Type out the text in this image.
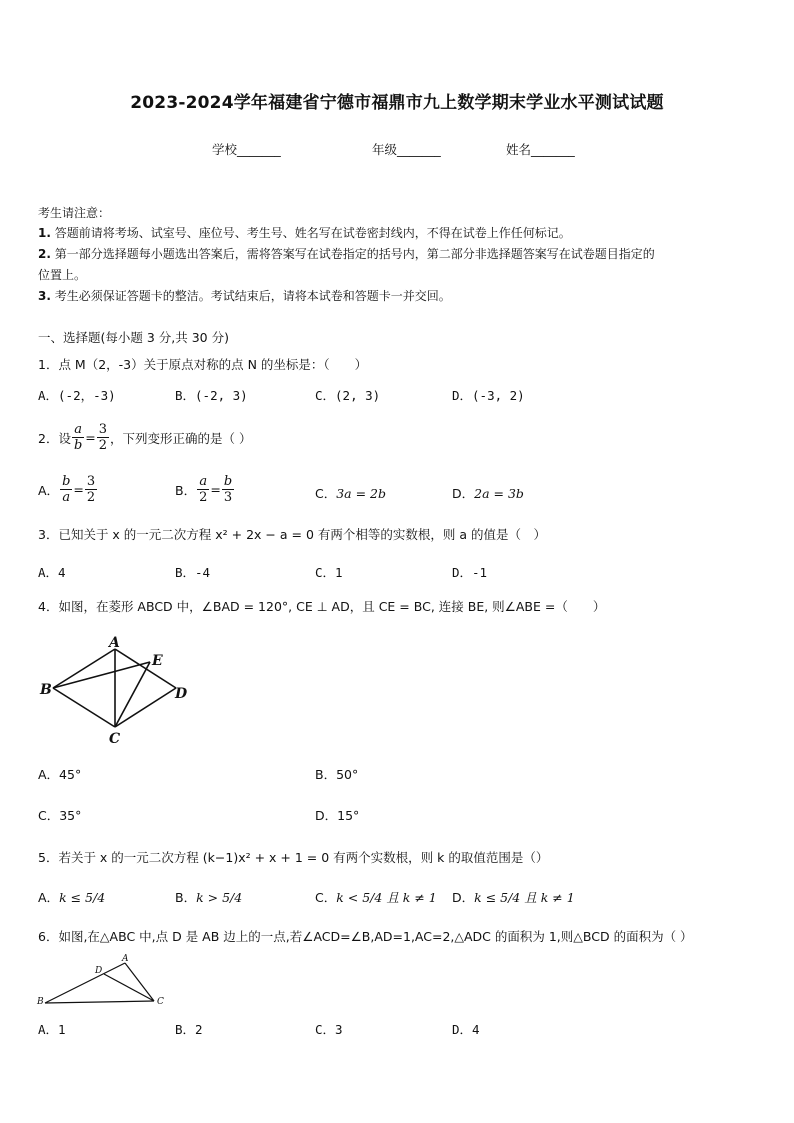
2023-2024学年福建省宁德市福鼎市九上数学期末学业水平测试试题
学校_______	年级_______	姓名_______
考生请注意：
1. 答题前请将考场、试室号、座位号、考生号、姓名写在试卷密封线内，不得在试卷上作任何标记。
2. 第一部分选择题每小题选出答案后，需将答案写在试卷指定的括号内，第二部分非选择题答案写在试卷题目指定的
位置上。
3. 考生必须保证答题卡的整洁。考试结束后，请将本试卷和答题卡一并交回。
一、选择题(每小题 3 分,共 30 分)
1．点 M（2，-3）关于原点对称的点 N 的坐标是：（　　）
A．(-2，-3)	B．(-2, 3)	C．(2, 3)	D．(-3, 2)
2．设 $\frac{a}{b} = \frac{3}{2}$ ，下列变形正确的是（ ）
A． $\frac{b}{a} = \frac{3}{2}$	B． $\frac{a}{2} = \frac{b}{3}$	C．3a = 2b	D．2a = 3b
3．已知关于 x 的一元二次方程 x² + 2x − a = 0 有两个相等的实数根，则 a 的值是（　）
A．4	B．-4	C．1	D．-1
4．如图，在菱形 ABCD 中，∠BAD = 120°, CE ⊥ AD，且 CE = BC, 连接 BE, 则∠ABE =（　　）
A
E
B	D
C
A．45°	B．50°
C．35°	D．15°
5．若关于 x 的一元二次方程 (k−1)x² + x + 1 = 0 有两个实数根，则 k 的取值范围是（）
A．k ≤ 5/4	B．k > 5/4	C．k < 5/4 且 k ≠ 1 D．k ≤ 5/4 且 k ≠ 1
6．如图,在△ABC 中,点 D 是 AB 边上的一点,若∠ACD=∠B,AD=1,AC=2,△ADC 的面积为 1,则△BCD 的面积为（ ）
A
D
B	C
A．1	B．2	C．3	D．4
